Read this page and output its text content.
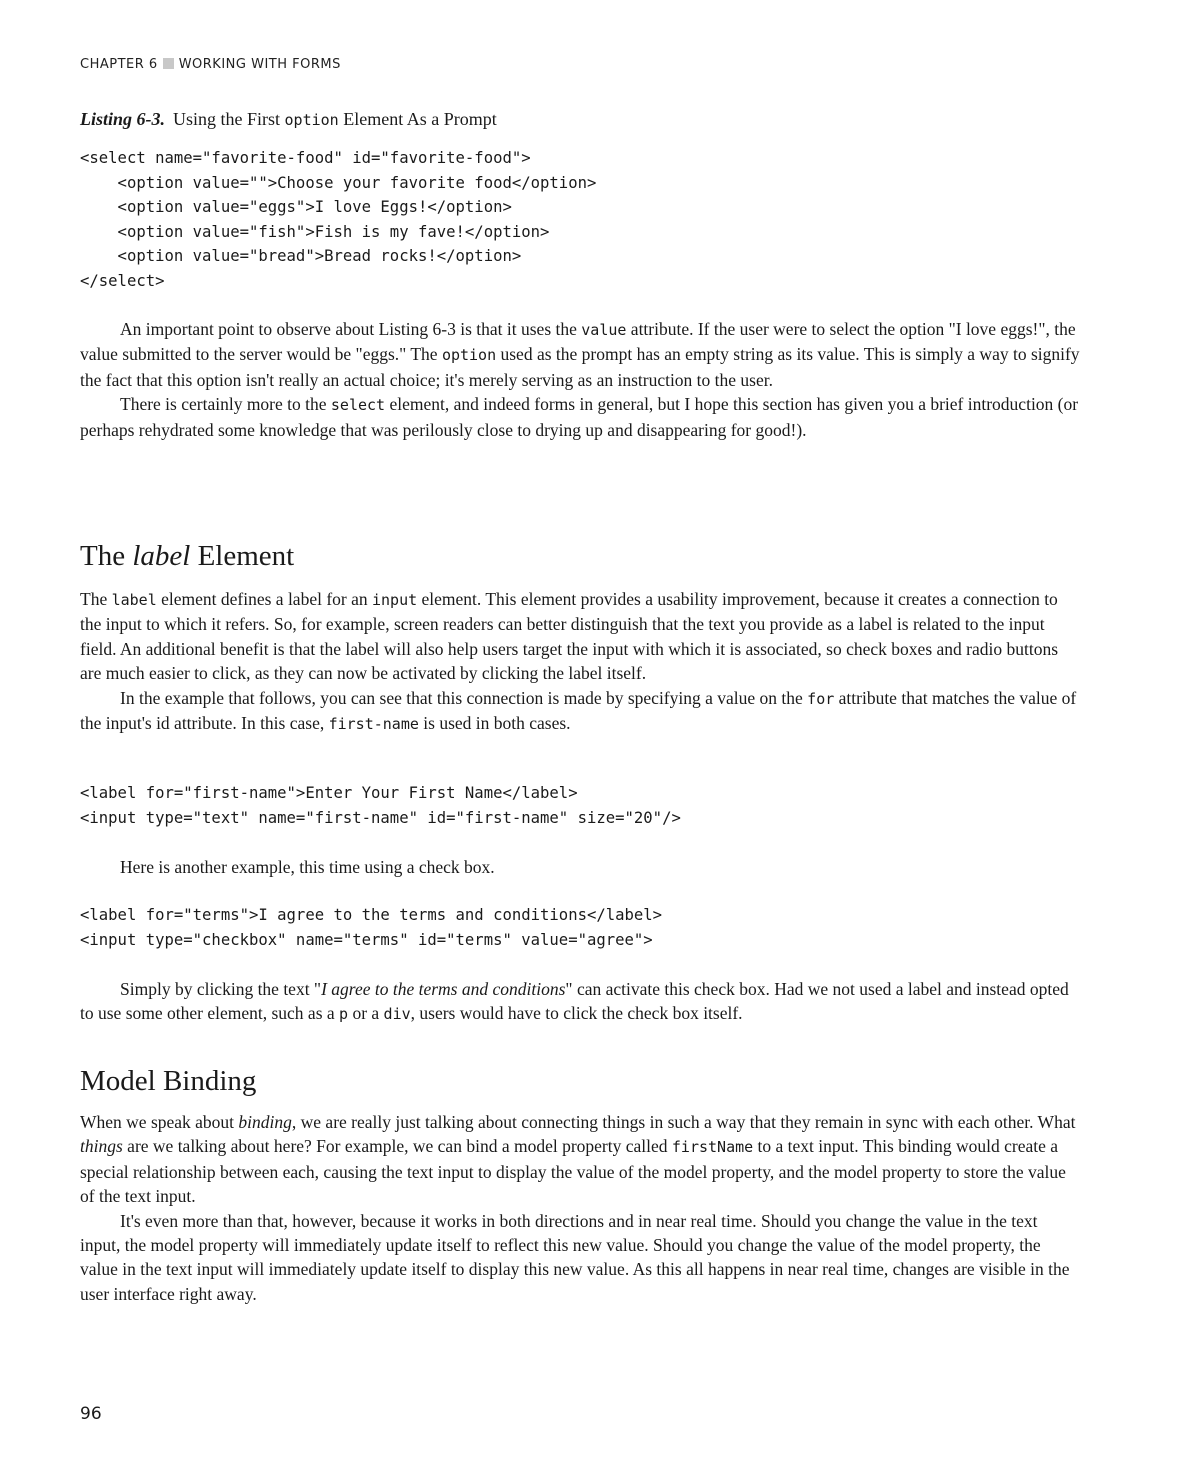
CHAPTER 6 WORKING WITH FORMS
Listing 6-3. Using the First option Element As a Prompt
<select name="favorite-food" id="favorite-food">
<option value="">Choose your favorite food</option>
<option value="eggs">I love Eggs!</option>
<option value="fish">Fish is my fave!</option>
<option value="bread">Bread rocks!</option>
</select>

An important point to observe about Listing 6-3 is that it uses the value attribute. If the user were to select the option "I love eggs!", the value submitted to the server would be "eggs." The option used as the prompt has an empty string as its value. This is simply a way to signify the fact that this option isn't really an actual choice; it's merely serving as an instruction to the user.

There is certainly more to the select element, and indeed forms in general, but I hope this section has given you a brief introduction (or perhaps rehydrated some knowledge that was perilously close to drying up and disappearing for good!).

The label Element

The label element defines a label for an input element. This element provides a usability improvement, because it creates a connection to the input to which it refers. So, for example, screen readers can better distinguish that the text you provide as a label is related to the input field. An additional benefit is that the label will also help users target the input with which it is associated, so check boxes and radio buttons are much easier to click, as they can now be activated by clicking the label itself.

In the example that follows, you can see that this connection is made by specifying a value on the for attribute that matches the value of the input's id attribute. In this case, first-name is used in both cases.

<label for="first-name">Enter Your First Name</label>
<input type="text" name="first-name" id="first-name" size="20"/>

Here is another example, this time using a check box.

<label for="terms">I agree to the terms and conditions</label>
<input type="checkbox" name="terms" id="terms" value="agree">

Simply by clicking the text "I agree to the terms and conditions" can activate this check box. Had we not used a label and instead opted to use some other element, such as a p or a div, users would have to click the check box itself.

Model Binding

When we speak about binding, we are really just talking about connecting things in such a way that they remain in sync with each other. What things are we talking about here? For example, we can bind a model property called firstName to a text input. This binding would create a special relationship between each, causing the text input to display the value of the model property, and the model property to store the value of the text input.

It's even more than that, however, because it works in both directions and in near real time. Should you change the value in the text input, the model property will immediately update itself to reflect this new value. Should you change the value of the model property, the value in the text input will immediately update itself to display this new value. As this all happens in near real time, changes are visible in the user interface right away.

96
